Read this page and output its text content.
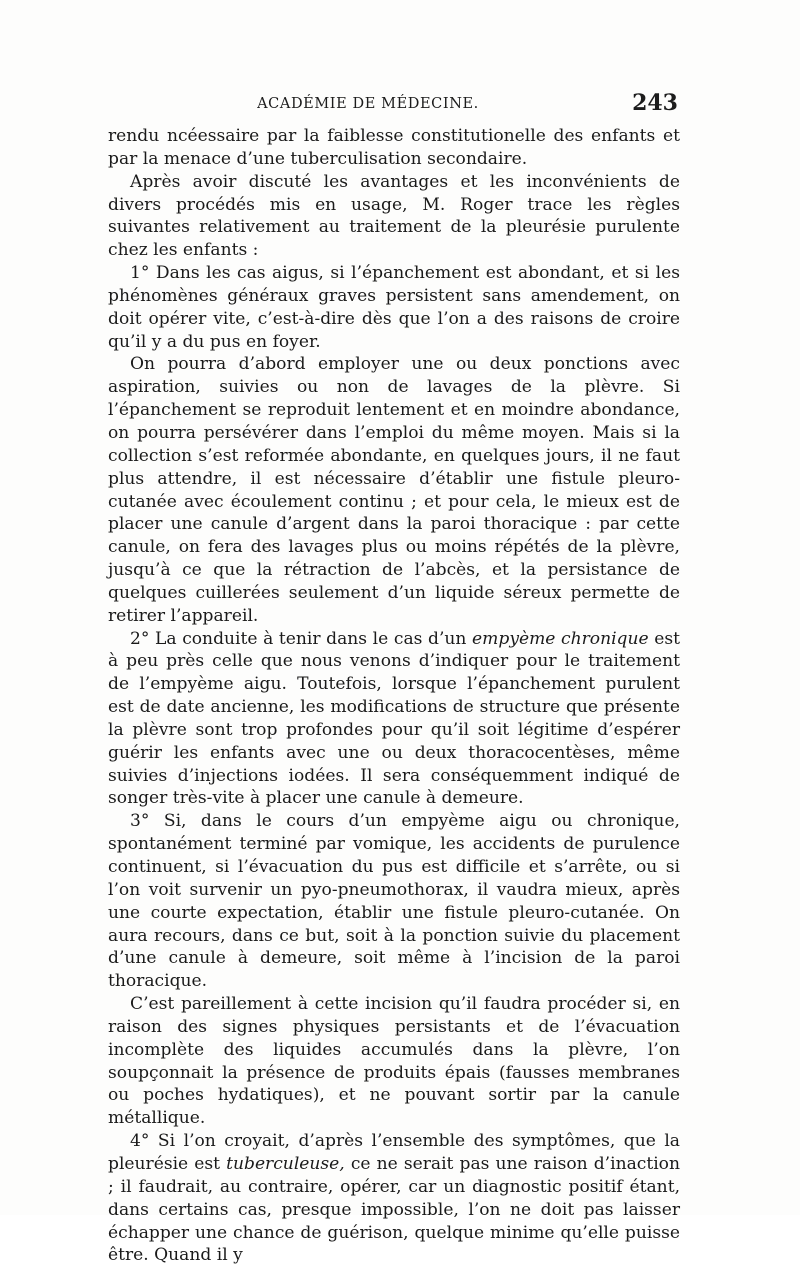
ACADÉMIE DE MÉDECINE.	243

rendu ncéessaire par la faiblesse constitutionelle des enfants et par la menace d’une tuberculisation secondaire.

Après avoir discuté les avantages et les inconvénients de divers procédés mis en usage, M. Roger trace les règles suivantes relativement au traitement de la pleurésie purulente chez les enfants :

1° Dans les cas aigus, si l’épanchement est abondant, et si les phénomènes généraux graves persistent sans amendement, on doit opérer vite, c’est-à-dire dès que l’on a des raisons de croire qu’il y a du pus en foyer.

On pourra d’abord employer une ou deux ponctions avec aspiration, suivies ou non de lavages de la plèvre. Si l’épanchement se reproduit lentement et en moindre abondance, on pourra persévérer dans l’emploi du même moyen. Mais si la collection s’est reformée abondante, en quelques jours, il ne faut plus attendre, il est nécessaire d’établir une fistule pleuro-cutanée avec écoulement continu ; et pour cela, le mieux est de placer une canule d’argent dans la paroi thoracique : par cette canule, on fera des lavages plus ou moins répétés de la plèvre, jusqu’à ce que la rétraction de l’abcès, et la persistance de quelques cuillerées seulement d’un liquide séreux permette de retirer l’appareil.

2° La conduite à tenir dans le cas d’un empyème chronique est à peu près celle que nous venons d’indiquer pour le traitement de l’empyème aigu. Toutefois, lorsque l’épanchement purulent est de date ancienne, les modifications de structure que présente la plèvre sont trop profondes pour qu’il soit légitime d’espérer guérir les enfants avec une ou deux thoracocentèses, même suivies d’injections iodées. Il sera conséquemment indiqué de songer très-vite à placer une canule à demeure.

3° Si, dans le cours d’un empyème aigu ou chronique, spontanément terminé par vomique, les accidents de purulence continuent, si l’évacuation du pus est difficile et s’arrête, ou si l’on voit survenir un pyo-pneumothorax, il vaudra mieux, après une courte expectation, établir une fistule pleuro-cutanée. On aura recours, dans ce but, soit à la ponction suivie du placement d’une canule à demeure, soit même à l’incision de la paroi thoracique.

C’est pareillement à cette incision qu’il faudra procéder si, en raison des signes physiques persistants et de l’évacuation incomplète des liquides accumulés dans la plèvre, l’on soupçonnait la présence de produits épais (fausses membranes ou poches hydatiques), et ne pouvant sortir par la canule métallique.

4° Si l’on croyait, d’après l’ensemble des symptômes, que la pleurésie est tuberculeuse, ce ne serait pas une raison d’inaction ; il faudrait, au contraire, opérer, car un diagnostic positif étant, dans certains cas, presque impossible, l’on ne doit pas laisser échapper une chance de guérison, quelque minime qu’elle puisse être. Quand il y
